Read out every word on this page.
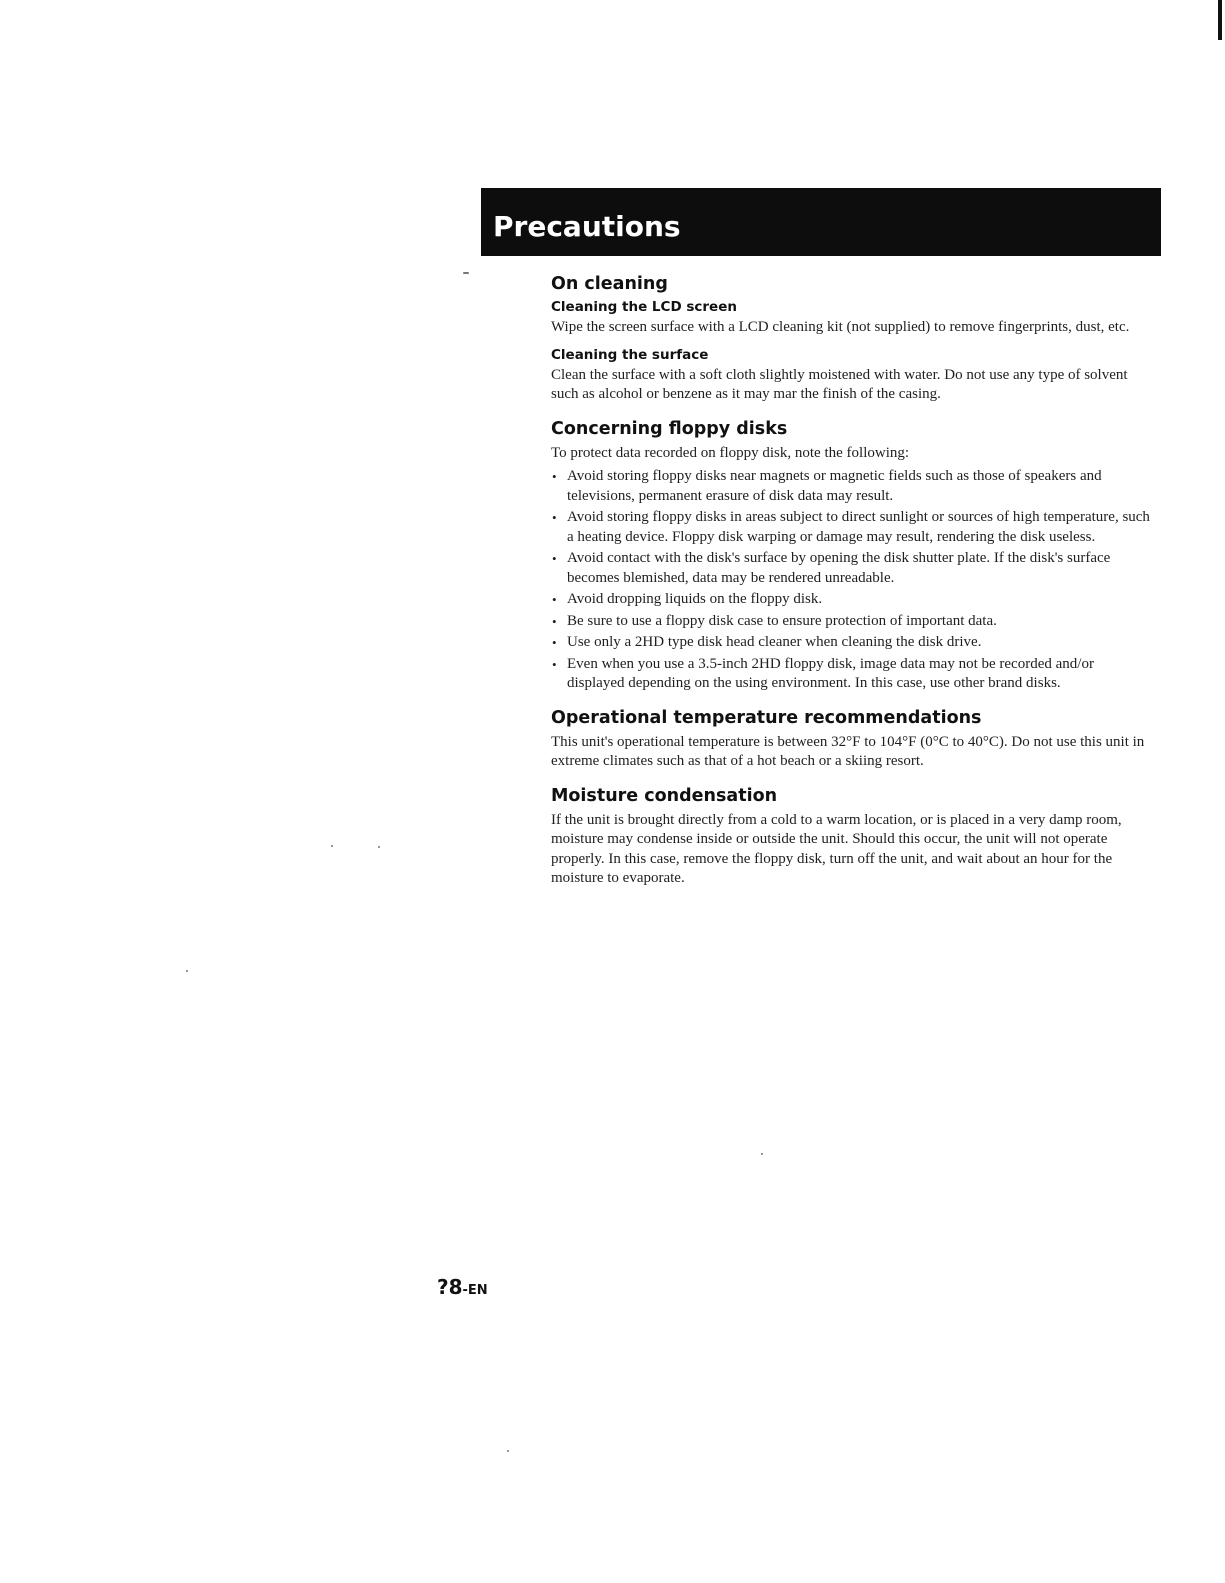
Precautions
On cleaning
Cleaning the LCD screen

Wipe the screen surface with a LCD cleaning kit (not supplied) to remove fingerprints, dust, etc.

Cleaning the surface

Clean the surface with a soft cloth slightly moistened with water. Do not use any type of solvent such as alcohol or benzene as it may mar the finish of the casing.

Concerning floppy disks

To protect data recorded on floppy disk, note the following:

• Avoid storing floppy disks near magnets or magnetic fields such as those of speakers and televisions, permanent erasure of disk data may result.
• Avoid storing floppy disks in areas subject to direct sunlight or sources of high temperature, such a heating device. Floppy disk warping or damage may result, rendering the disk useless.
• Avoid contact with the disk's surface by opening the disk shutter plate. If the disk's surface becomes blemished, data may be rendered unreadable.
• Avoid dropping liquids on the floppy disk.
• Be sure to use a floppy disk case to ensure protection of important data.
• Use only a 2HD type disk head cleaner when cleaning the disk drive.
• Even when you use a 3.5-inch 2HD floppy disk, image data may not be recorded and/or displayed depending on the using environment. In this case, use other brand disks.
Operational temperature recommendations

This unit's operational temperature is between 32°F to 104°F (0°C to 40°C). Do not use this unit in extreme climates such as that of a hot beach or a skiing resort.

Moisture condensation

If the unit is brought directly from a cold to a warm location, or is placed in a very damp room, moisture may condense inside or outside the unit. Should this occur, the unit will not operate properly. In this case, remove the floppy disk, turn off the unit, and wait about an hour for the moisture to evaporate.

?8-EN
